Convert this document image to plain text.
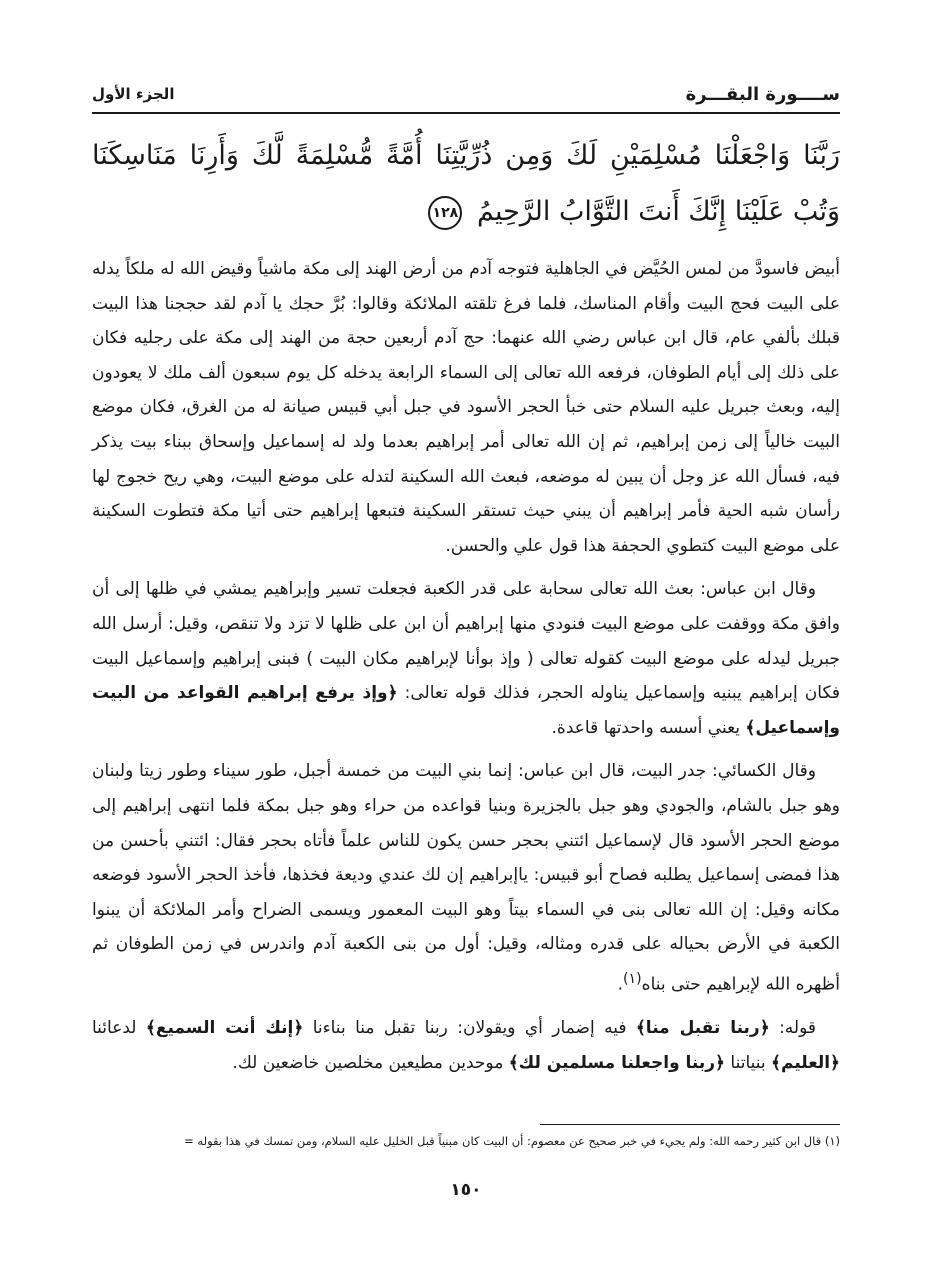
ســــورة البقـــرة
الجزء الأول
رَبَّنَا وَاجْعَلْنَا مُسْلِمَيْنِ لَكَ وَمِن ذُرِّيَّتِنَا أُمَّةً مُّسْلِمَةً لَّكَ وَأَرِنَا مَنَاسِكَنَا وَتُبْ عَلَيْنَا إِنَّكَ أَنتَ التَّوَّابُ الرَّحِيمُ ١٢٨

أبيض فاسودَّ من لمس الحُيَّض في الجاهلية فتوجه آدم من أرض الهند إلى مكة ماشياً وقيض الله له ملكاً يدله على البيت فحج البيت وأقام المناسك، فلما فرغ تلقته الملائكة وقالوا: بُرَّ حجك يا آدم لقد حججنا هذا البيت قبلك بألفي عام، قال ابن عباس رضي الله عنهما: حج آدم أربعين حجة من الهند إلى مكة على رجليه فكان على ذلك إلى أيام الطوفان، فرفعه الله تعالى إلى السماء الرابعة يدخله كل يوم سبعون ألف ملك لا يعودون إليه، وبعث جبريل عليه السلام حتى خبأ الحجر الأسود في جبل أبي قبيس صيانة له من الغرق، فكان موضع البيت خالياً إلى زمن إبراهيم، ثم إن الله تعالى أمر إبراهيم بعدما ولد له إسماعيل وإسحاق ببناء بيت يذكر فيه، فسأل الله عز وجل أن يبين له موضعه، فبعث الله السكينة لتدله على موضع البيت، وهي ريح خجوج لها رأسان شبه الحية فأمر إبراهيم أن يبني حيث تستقر السكينة فتبعها إبراهيم حتى أتيا مكة فتطوت السكينة على موضع البيت كتطوي الحجفة هذا قول علي والحسن.

وقال ابن عباس: بعث الله تعالى سحابة على قدر الكعبة فجعلت تسير وإبراهيم يمشي في ظلها إلى أن وافق مكة ووقفت على موضع البيت فنودي منها إبراهيم أن ابن على ظلها لا تزد ولا تنقص، وقيل: أرسل الله جبريل ليدله على موضع البيت كقوله تعالى ( وإذ بوأنا لإبراهيم مكان البيت ) فبنى إبراهيم وإسماعيل البيت فكان إبراهيم يبنيه وإسماعيل يناوله الحجر، فذلك قوله تعالى: ﴿وإذ يرفع إبراهيم القواعد من البيت وإسماعيل﴾ يعني أسسه واحدتها قاعدة.

وقال الكسائي: جدر البيت، قال ابن عباس: إنما بني البيت من خمسة أجبل، طور سيناء وطور زيتا ولبنان وهو جبل بالشام، والجودي وهو جبل بالجزيرة وبنيا قواعده من حراء وهو جبل بمكة فلما انتهى إبراهيم إلى موضع الحجر الأسود قال لإسماعيل ائتني بحجر حسن يكون للناس علماً فأتاه بحجر فقال: ائتني بأحسن من هذا فمضى إسماعيل يطلبه فصاح أبو قبيس: ياإبراهيم إن لك عندي وديعة فخذها، فأخذ الحجر الأسود فوضعه مكانه وقيل: إن الله تعالى بنى في السماء بيتاً وهو البيت المعمور ويسمى الضراح وأمر الملائكة أن يبنوا الكعبة في الأرض بحياله على قدره ومثاله، وقيل: أول من بنى الكعبة آدم واندرس في زمن الطوفان ثم أظهره الله لإبراهيم حتى بناه$^{(١)}$.

قوله: ﴿ربنا تقبل منا﴾ فيه إضمار أي ويقولان: ربنا تقبل منا بناءنا ﴿إنك أنت السميع﴾ لدعائنا ﴿العليم﴾ بنياتنا ﴿ربنا واجعلنا مسلمين لك﴾ موحدين مطيعين مخلصين خاضعين لك.

(١) قال ابن كثير رحمه الله: ولم يجيء في خبر صحيح عن معصوم: أن البيت كان مبنياً قبل الخليل عليه السلام، ومن تمسك في هذا بقوله =
١٥٠
